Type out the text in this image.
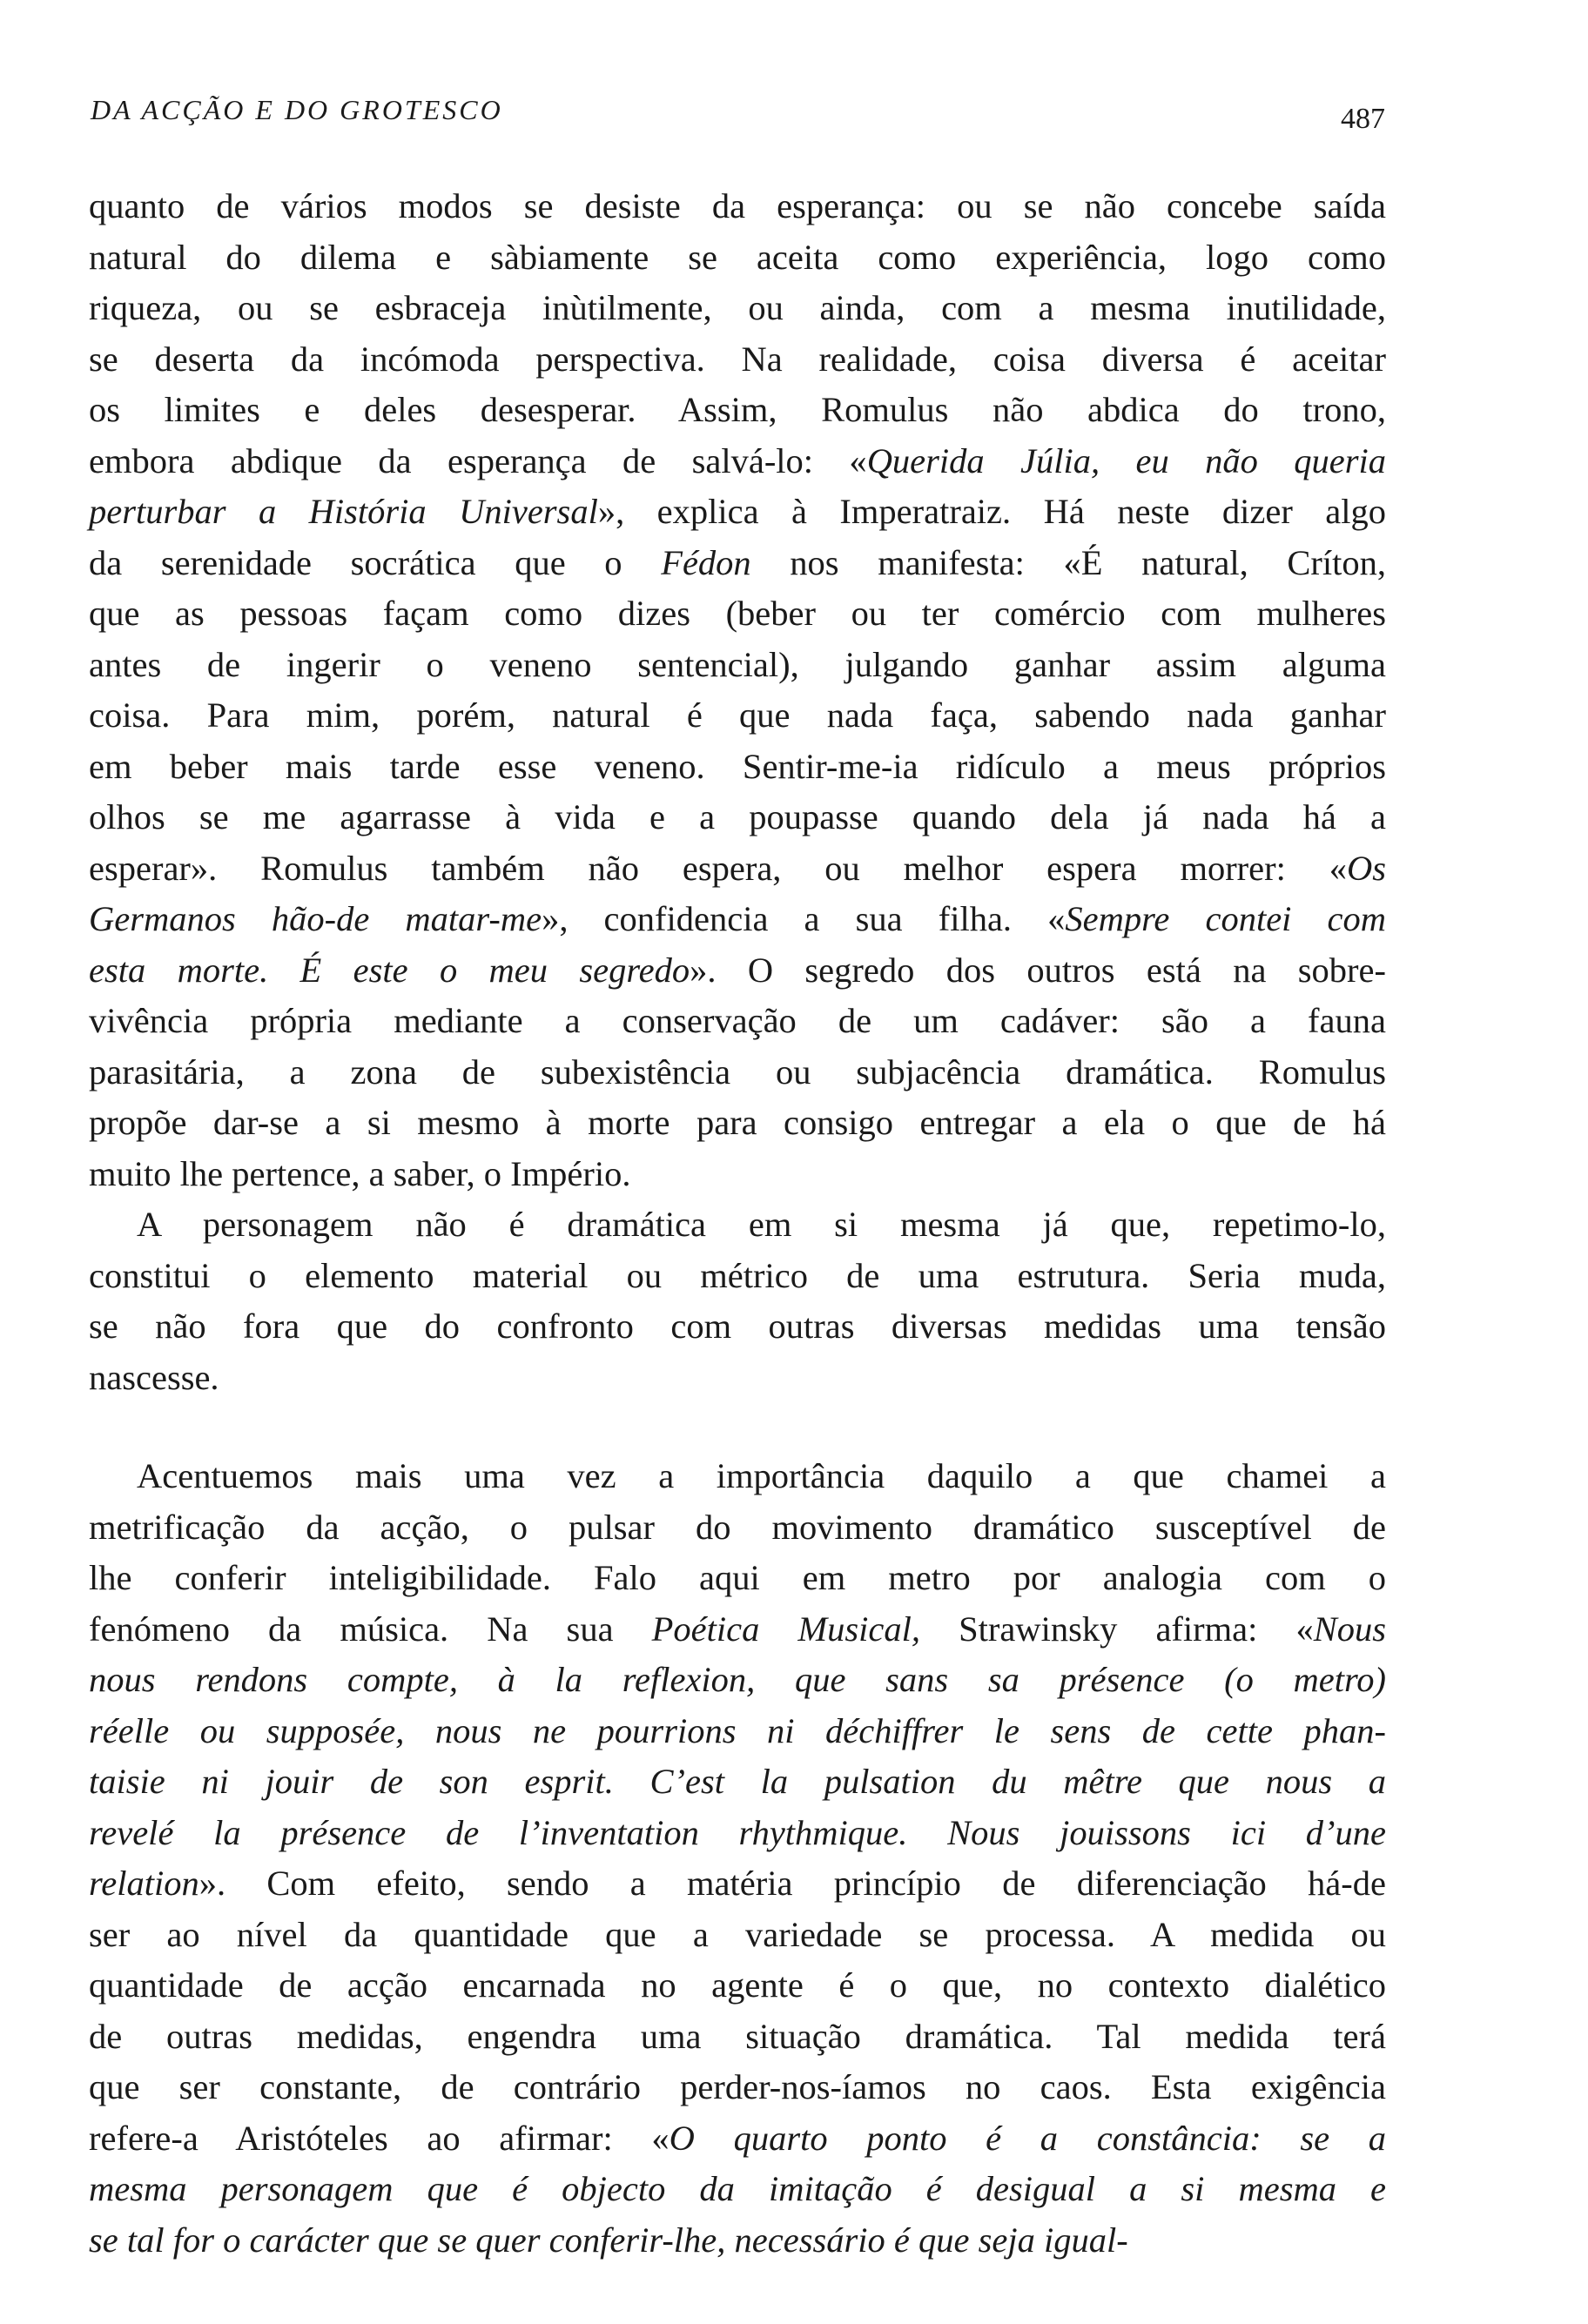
DA ACÇÃO E DO GROTESCO	487
quanto de vários modos se desiste da esperança: ou se não concebe saída
natural do dilema e sàbiamente se aceita como experiência, logo como
riqueza, ou se esbraceja inùtilmente, ou ainda, com a mesma inutilidade,
se deserta da incómoda perspectiva. Na realidade, coisa diversa é aceitar
os limites e deles desesperar. Assim, Romulus não abdica do trono,
embora abdique da esperança de salvá-lo: «Querida Júlia, eu não queria
perturbar a História Universal», explica à Imperatraiz. Há neste dizer algo
da serenidade socrática que o Fédon nos manifesta: «É natural, Críton,
que as pessoas façam como dizes (beber ou ter comércio com mulheres
antes de ingerir o veneno sentencial), julgando ganhar assim alguma
coisa. Para mim, porém, natural é que nada faça, sabendo nada ganhar
em beber mais tarde esse veneno. Sentir-me-ia ridículo a meus próprios
olhos se me agarrasse à vida e a poupasse quando dela já nada há a
esperar». Romulus também não espera, ou melhor espera morrer: «Os
Germanos hão-de matar-me», confidencia a sua filha. «Sempre contei com
esta morte. É este o meu segredo». O segredo dos outros está na sobre-
vivência própria mediante a conservação de um cadáver: são a fauna
parasitária, a zona de subexistência ou subjacência dramática. Romulus
propõe dar-se a si mesmo à morte para consigo entregar a ela o que de há
muito lhe pertence, a saber, o Império.
A personagem não é dramática em si mesma já que, repetimo-lo,
constitui o elemento material ou métrico de uma estrutura. Seria muda,
se não fora que do confronto com outras diversas medidas uma tensão
nascesse.
Acentuemos mais uma vez a importância daquilo a que chamei a
metrificação da acção, o pulsar do movimento dramático susceptível de
lhe conferir inteligibilidade. Falo aqui em metro por analogia com o
fenómeno da música. Na sua Poética Musical, Strawinsky afirma: «Nous
nous rendons compte, à la reflexion, que sans sa présence (o metro)
réelle ou supposée, nous ne pourrions ni déchiffrer le sens de cette phan-
taisie ni jouir de son esprit. C’est la pulsation du mêtre que nous a
revelé la présence de l’inventation rhythmique. Nous jouissons ici d’une
relation». Com efeito, sendo a matéria princípio de diferenciação há-de
ser ao nível da quantidade que a variedade se processa. A medida ou
quantidade de acção encarnada no agente é o que, no contexto dialético
de outras medidas, engendra uma situação dramática. Tal medida terá
que ser constante, de contrário perder-nos-íamos no caos. Esta exigência
refere-a Aristóteles ao afirmar: «O quarto ponto é a constância: se a
mesma personagem que é objecto da imitação é desigual a si mesma e
se tal for o carácter que se quer conferir-lhe, necessário é que seja igual-
